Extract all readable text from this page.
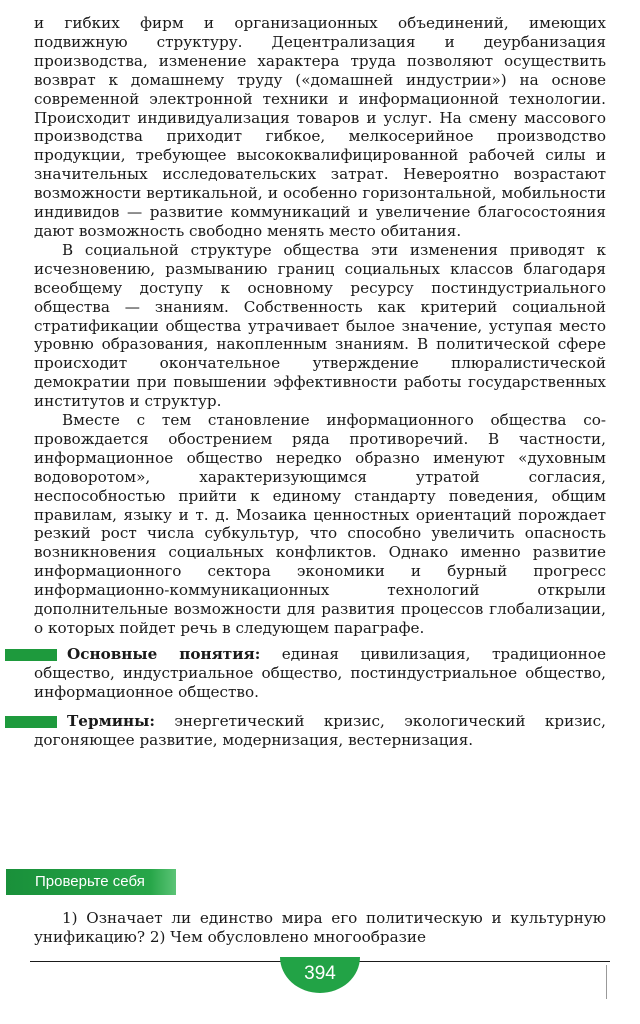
и гибких фирм и организационных объединений, имеющих подвижную структуру. Децентрализация и деурбанизация производства, изменение характера труда позволяют осуществить возврат к домашнему труду («домашней индустрии») на основе современной электронной техники и информационной технологии. Происходит индивидуализация товаров и услуг. На смену массового производства приходит гибкое, мелкосерийное производство продукции, требующее высококвалифицированной рабочей силы и значительных исследовательских затрат. Невероятно возрастают возможности вертикальной, и особенно горизонтальной, мобильности индивидов — развитие коммуникаций и увеличение благосостояния дают возможность свободно менять место обитания.

В социальной структуре общества эти изменения приводят к исчезновению, размыванию границ социальных классов благодаря всеобщему доступу к основному ресурсу постиндустриального общества — знаниям. Собственность как критерий социальной стратификации общества утрачивает былое значение, уступая место уровню образования, накопленным знаниям. В политической сфере происходит окончательное утверждение плюралистической демократии при повышении эффективности работы государственных институтов и структур.

Вместе с тем становление информационного общества сопровождается обострением ряда противоречий. В частности, информационное общество нередко образно именуют «духовным водоворотом», характеризующимся утратой согласия, неспособностью прийти к единому стандарту поведения, общим правилам, языку и т. д. Мозаика ценностных ориентаций порождает резкий рост числа субкультур, что способно увеличить опасность возникновения социальных конфликтов. Однако именно развитие информационного сектора экономики и бурный прогресс информационно-коммуникационных технологий открыли дополнительные возможности для развития процессов глобализации, о которых пойдет речь в следующем параграфе.

Основные понятия: единая цивилизация, традиционное общество, индустриальное общество, постиндустриальное общество, информационное общество.

Термины: энергетический кризис, экологический кризис, догоняющее развитие, модернизация, вестернизация.

Проверьте себя

1) Означает ли единство мира его политическую и культурную унификацию? 2) Чем обусловлено многообразие

394
